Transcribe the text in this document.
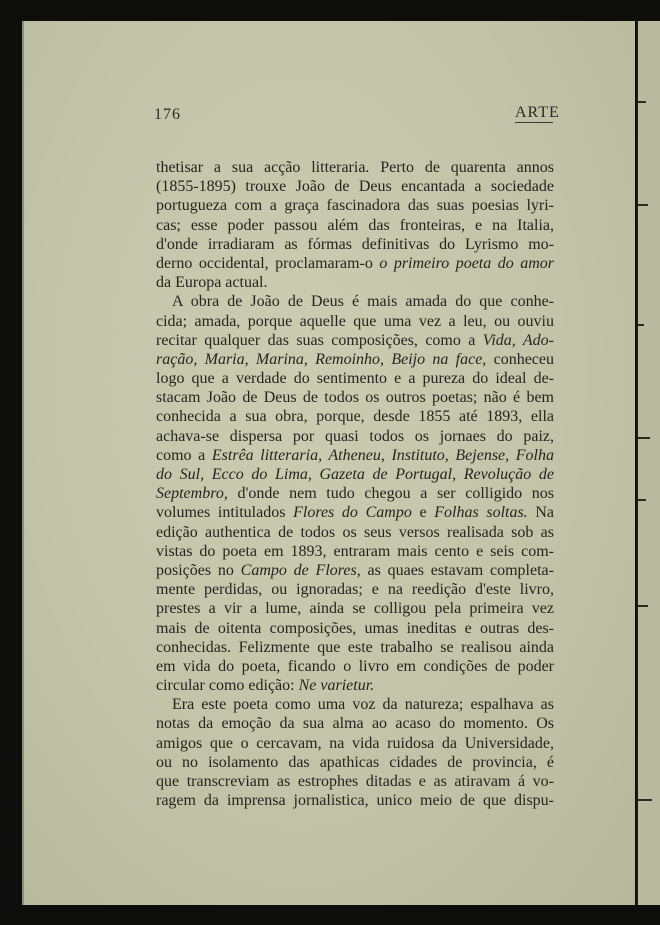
176	ARTE
thetisar a sua acção litteraria. Perto de quarenta annos
(1855-1895) trouxe João de Deus encantada a sociedade
portugueza com a graça fascinadora das suas poesias lyri-
cas; esse poder passou além das fronteiras, e na Italia,
d'onde irradiaram as fórmas definitivas do Lyrismo mo-
derno occidental, proclamaram-o o primeiro poeta do amor
da Europa actual.
A obra de João de Deus é mais amada do que conhe-
cida; amada, porque aquelle que uma vez a leu, ou ouviu
recitar qualquer das suas composições, como a Vida, Ado-
ração, Maria, Marina, Remoinho, Beijo na face, conheceu
logo que a verdade do sentimento e a pureza do ideal de-
stacam João de Deus de todos os outros poetas; não é bem
conhecida a sua obra, porque, desde 1855 até 1893, ella
achava-se dispersa por quasi todos os jornaes do paiz,
como a Estrêa litteraria, Atheneu, Instituto, Bejense, Folha
do Sul, Ecco do Lima, Gazeta de Portugal, Revolução de
Septembro, d'onde nem tudo chegou a ser colligido nos
volumes intitulados Flores do Campo e Folhas soltas. Na
edição authentica de todos os seus versos realisada sob as
vistas do poeta em 1893, entraram mais cento e seis com-
posições no Campo de Flores, as quaes estavam completa-
mente perdidas, ou ignoradas; e na reedição d'este livro,
prestes a vir a lume, ainda se colligou pela primeira vez
mais de oitenta composições, umas ineditas e outras des-
conhecidas. Felizmente que este trabalho se realisou ainda
em vida do poeta, ficando o livro em condições de poder
circular como edição: Ne varietur.
Era este poeta como uma voz da natureza; espalhava as
notas da emoção da sua alma ao acaso do momento. Os
amigos que o cercavam, na vida ruidosa da Universidade,
ou no isolamento das apathicas cidades de provincia, é
que transcreviam as estrophes ditadas e as atiravam á vo-
ragem da imprensa jornalistica, unico meio de que dispu-
